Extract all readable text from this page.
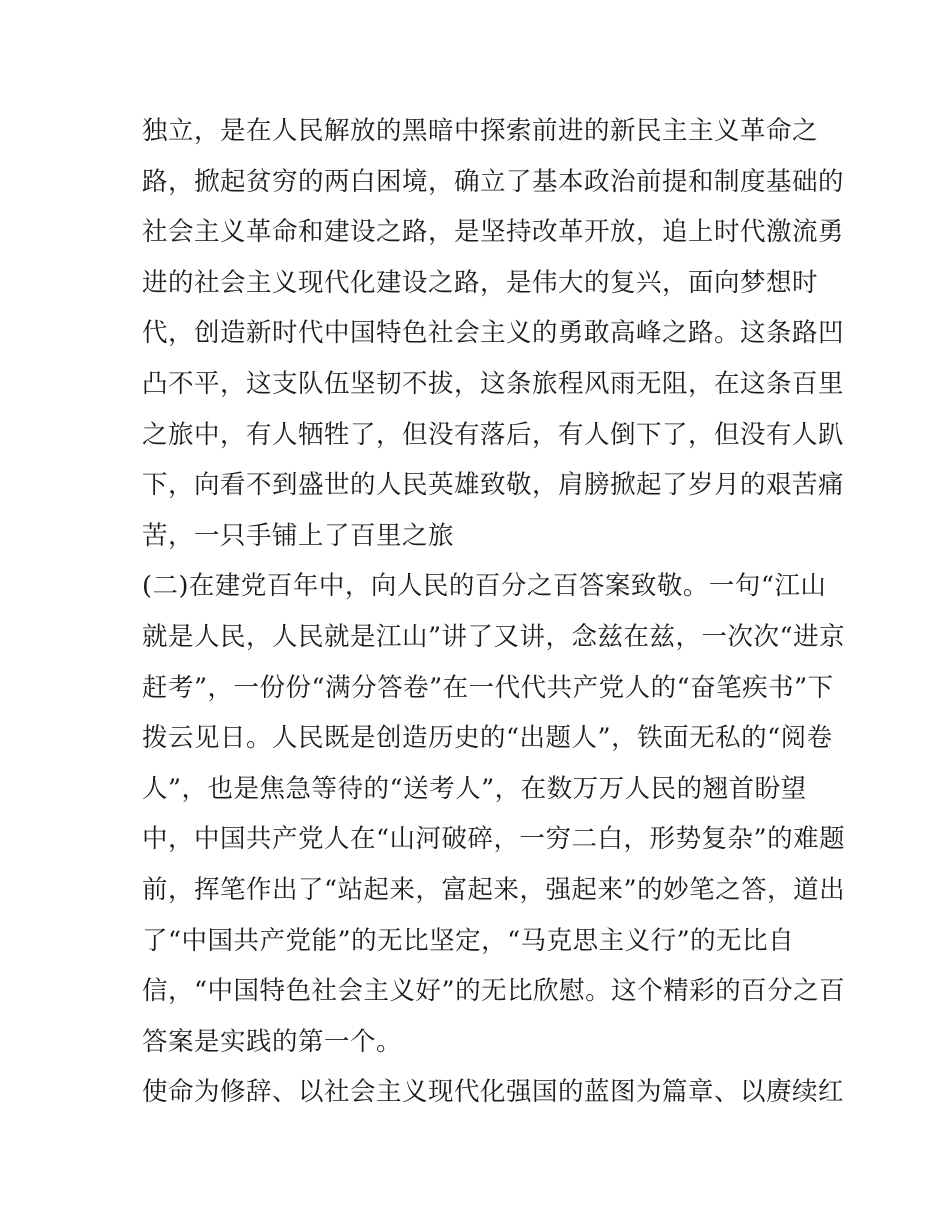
独立，是在人民解放的黑暗中探索前进的新民主主义革命之
路，掀起贫穷的两白困境，确立了基本政治前提和制度基础的
社会主义革命和建设之路，是坚持改革开放，追上时代激流勇
进的社会主义现代化建设之路，是伟大的复兴，面向梦想时
代，创造新时代中国特色社会主义的勇敢高峰之路。这条路凹
凸不平，这支队伍坚韧不拔，这条旅程风雨无阻，在这条百里
之旅中，有人牺牲了，但没有落后，有人倒下了，但没有人趴
下，向看不到盛世的人民英雄致敬，肩膀掀起了岁月的艰苦痛
苦，一只手铺上了百里之旅
(二)在建党百年中，向人民的百分之百答案致敬。一句“江山
就是人民，人民就是江山”讲了又讲，念兹在兹，一次次“进京
赶考”，一份份“满分答卷”在一代代共产党人的“奋笔疾书”下
拨云见日。人民既是创造历史的“出题人”，铁面无私的“阅卷
人”，也是焦急等待的“送考人”，在数万万人民的翘首盼望
中，中国共产党人在“山河破碎，一穷二白，形势复杂”的难题
前，挥笔作出了“站起来，富起来，强起来”的妙笔之答，道出
了“中国共产党能”的无比坚定，“马克思主义行”的无比自
信，“中国特色社会主义好”的无比欣慰。这个精彩的百分之百
答案是实践的第一个。
使命为修辞、以社会主义现代化强国的蓝图为篇章、以赓续红
